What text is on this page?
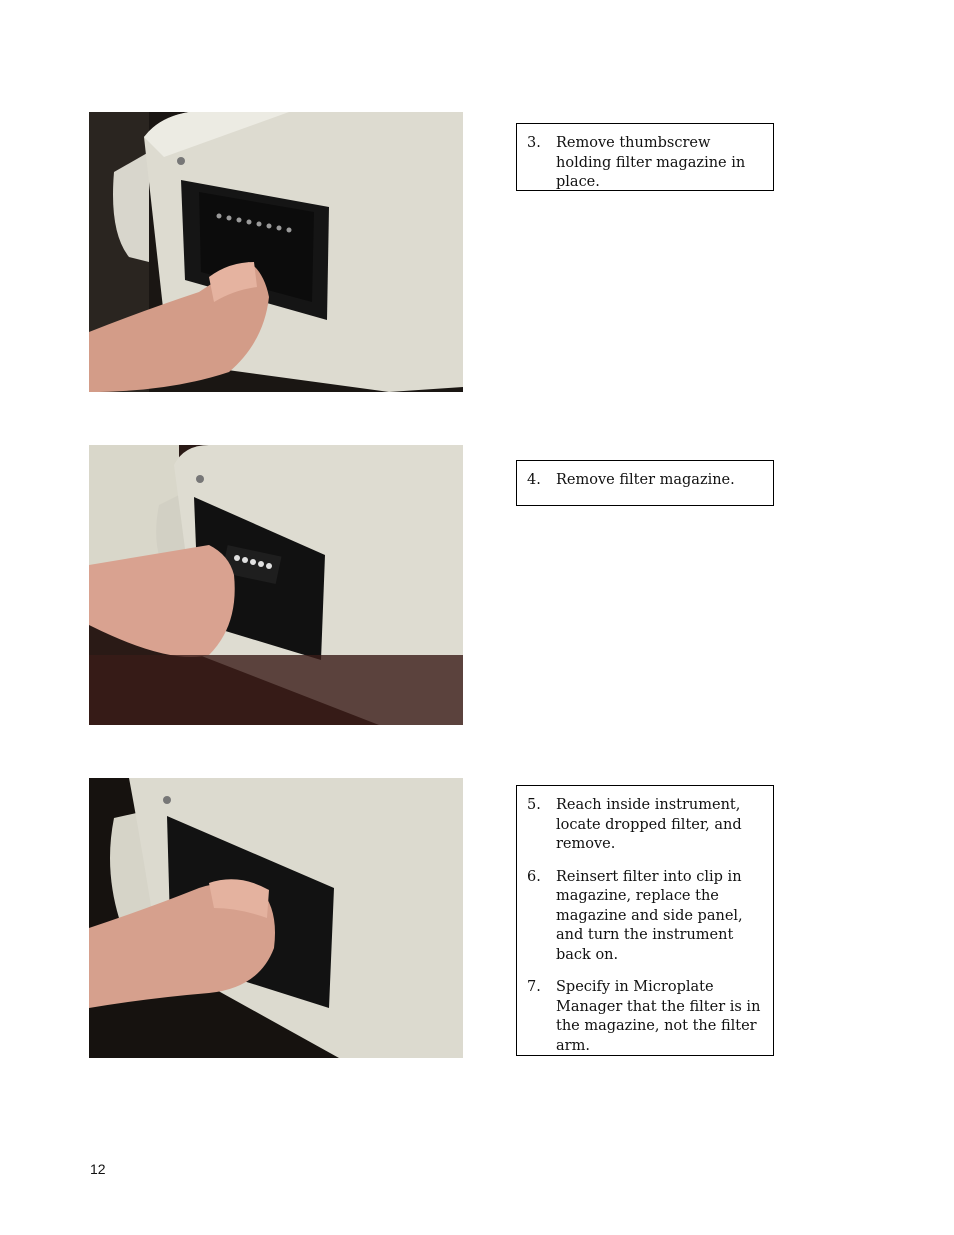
3.	Remove thumbscrew holding filter magazine in place.
4.	Remove filter magazine.
5.	Reach inside instrument, locate dropped filter, and remove.
6.	Reinsert filter into clip in magazine, replace the magazine and side panel, and turn the instrument back on.
7.	Specify in Microplate Manager that the filter is in the magazine, not the filter arm.
12
